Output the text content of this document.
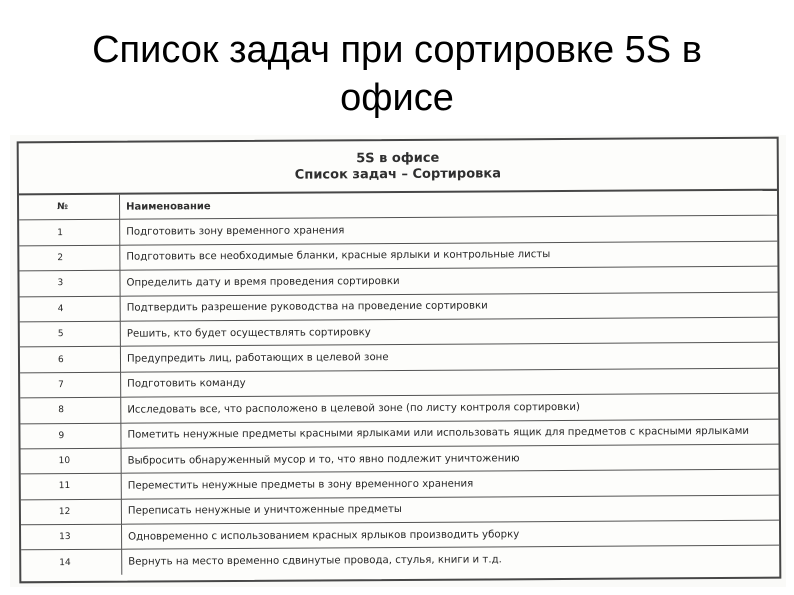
Список задач при сортировке 5S в
офисе
5S в офисе
Список задач – Сортировка
№	Наименование
1	Подготовить зону временного хранения
2	Подготовить все необходимые бланки, красные ярлыки и контрольные листы
3	Определить дату и время проведения сортировки
4	Подтвердить разрешение руководства на проведение сортировки
5	Решить, кто будет осуществлять сортировку
6	Предупредить лиц, работающих в целевой зоне
7	Подготовить команду
8	Исследовать все, что расположено в целевой зоне (по листу контроля сортировки)
9	Пометить ненужные предметы красными ярлыками или использовать ящик для предметов с красными ярлыками
10	Выбросить обнаруженный мусор и то, что явно подлежит уничтожению
11	Переместить ненужные предметы в зону временного хранения
12	Переписать ненужные и уничтоженные предметы
13	Одновременно с использованием красных ярлыков производить уборку
14	Вернуть на место временно сдвинутые провода, стулья, книги и т.д.
